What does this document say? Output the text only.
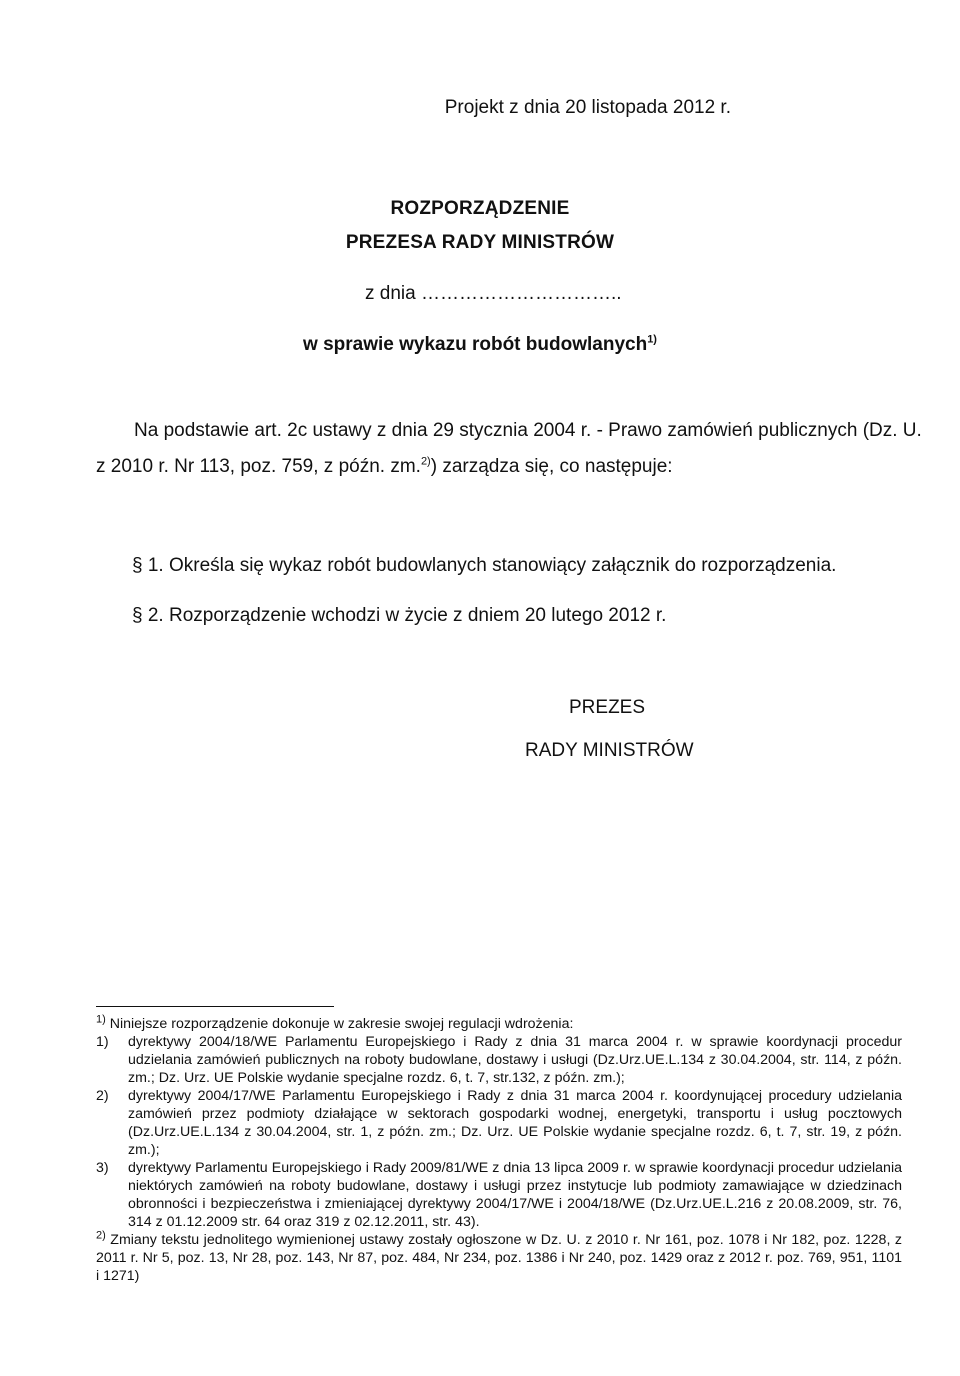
Projekt z dnia 20 listopada 2012 r.
ROZPORZĄDZENIE
PREZESA RADY MINISTRÓW
z dnia …………………………..
w sprawie wykazu robót budowlanych$^{1)}$
Na podstawie art. 2c ustawy z dnia 29 stycznia 2004 r. - Prawo zamówień publicznych (Dz. U.
z 2010 r. Nr 113, poz. 759, z późn. zm.$^{2)}$) zarządza się, co następuje:
§ 1. Określa się wykaz robót budowlanych stanowiący załącznik do rozporządzenia.
§ 2. Rozporządzenie wchodzi w życie z dniem 20 lutego 2012 r.
PREZES
RADY MINISTRÓW

$^{1)}$ Niniejsze rozporządzenie dokonuje w zakresie swojej regulacji wdrożenia:

1)	dyrektywy 2004/18/WE Parlamentu Europejskiego i Rady z dnia 31 marca 2004 r. w sprawie koordynacji procedur udzielania zamówień publicznych na roboty budowlane, dostawy i usługi (Dz.Urz.UE.L.134 z 30.04.2004, str. 114, z późn. zm.; Dz. Urz. UE Polskie wydanie specjalne rozdz. 6, t. 7, str.132, z późn. zm.);
2)	dyrektywy 2004/17/WE Parlamentu Europejskiego i Rady z dnia 31 marca 2004 r. koordynującej procedury udzielania zamówień przez podmioty działające w sektorach gospodarki wodnej, energetyki, transportu i usług pocztowych (Dz.Urz.UE.L.134 z 30.04.2004, str. 1, z późn. zm.; Dz. Urz. UE Polskie wydanie specjalne rozdz. 6, t. 7, str. 19, z późn. zm.);
3)	dyrektywy Parlamentu Europejskiego i Rady 2009/81/WE z dnia 13 lipca 2009 r. w sprawie koordynacji procedur udzielania niektórych zamówień na roboty budowlane, dostawy i usługi przez instytucje lub podmioty zamawiające w dziedzinach obronności i bezpieczeństwa i zmieniającej dyrektywy 2004/17/WE i 2004/18/WE (Dz.Urz.UE.L.216 z 20.08.2009, str. 76, 314 z 01.12.2009 str. 64 oraz 319 z 02.12.2011, str. 43).

$^{2)}$ Zmiany tekstu jednolitego wymienionej ustawy zostały ogłoszone w Dz. U. z 2010 r. Nr 161, poz. 1078 i Nr 182, poz. 1228, z 2011 r. Nr 5, poz. 13, Nr 28, poz. 143, Nr 87, poz. 484, Nr 234, poz. 1386 i Nr 240, poz. 1429 oraz z 2012 r. poz. 769, 951, 1101 i 1271)
